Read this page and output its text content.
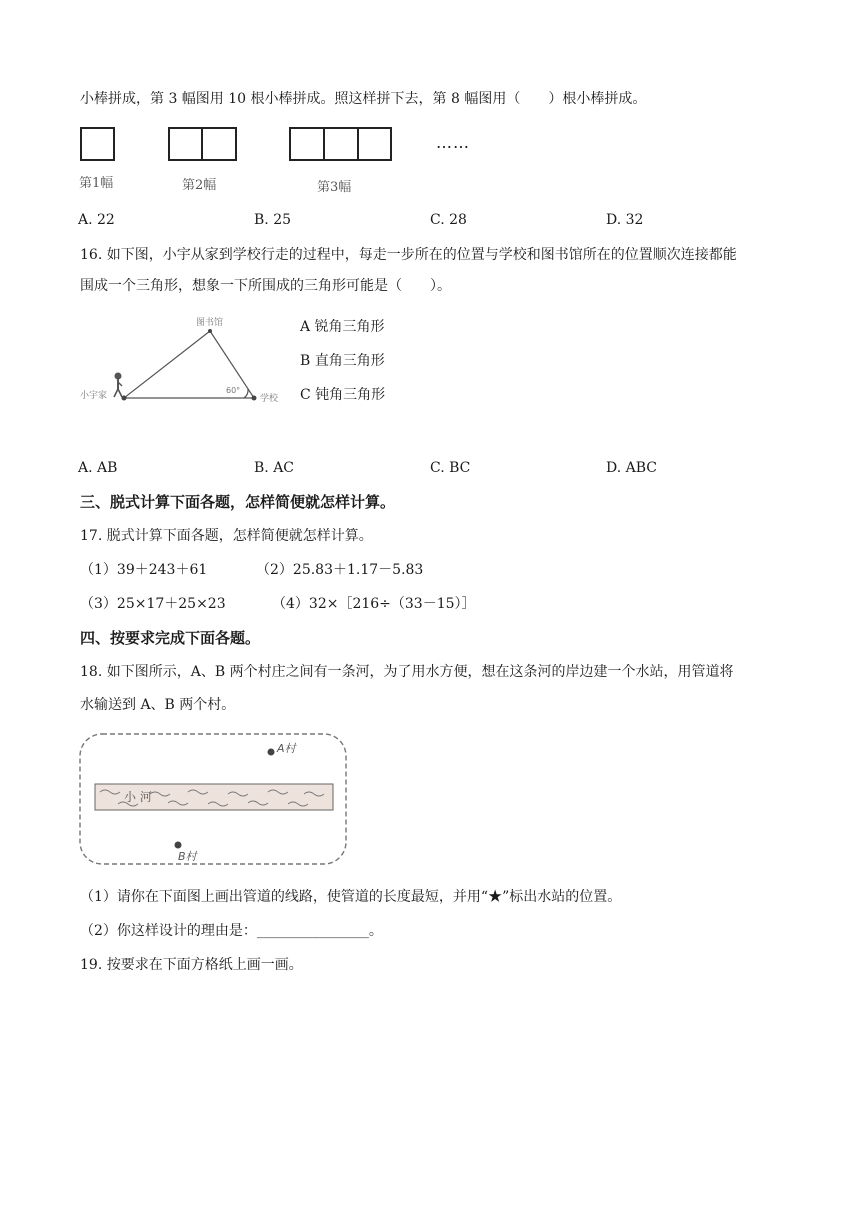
小棒拼成，第 3 幅图用 10 根小棒拼成。照这样拼下去，第 8 幅图用（　　）根小棒拼成。
……
第1幅	第2幅	第3幅
A. 22	B. 25	C. 28	D. 32
16. 如下图，小宇从家到学校行走的过程中，每走一步所在的位置与学校和图书馆所在的位置顺次连接都能
围成一个三角形，想象一下所围成的三角形可能是（　　）。
图书馆
小宇家	学校
60°
A 锐角三角形
B 直角三角形
C 钝角三角形
A. AB	B. AC	C. BC	D. ABC
三、脱式计算下面各题，怎样简便就怎样计算。
17. 脱式计算下面各题，怎样简便就怎样计算。
（1）39＋243＋61	（2）25.83＋1.17－5.83
（3）25×17＋25×23	（4）32×［216÷（33－15）］
四、按要求完成下面各题。
18. 如下图所示，A、B 两个村庄之间有一条河，为了用水方便，想在这条河的岸边建一个水站，用管道将
水输送到 A、B 两个村。
小 河
A村
B村
（1）请你在下面图上画出管道的线路，使管道的长度最短，并用“★”标出水站的位置。
（2）你这样设计的理由是：________________。
19. 按要求在下面方格纸上画一画。
